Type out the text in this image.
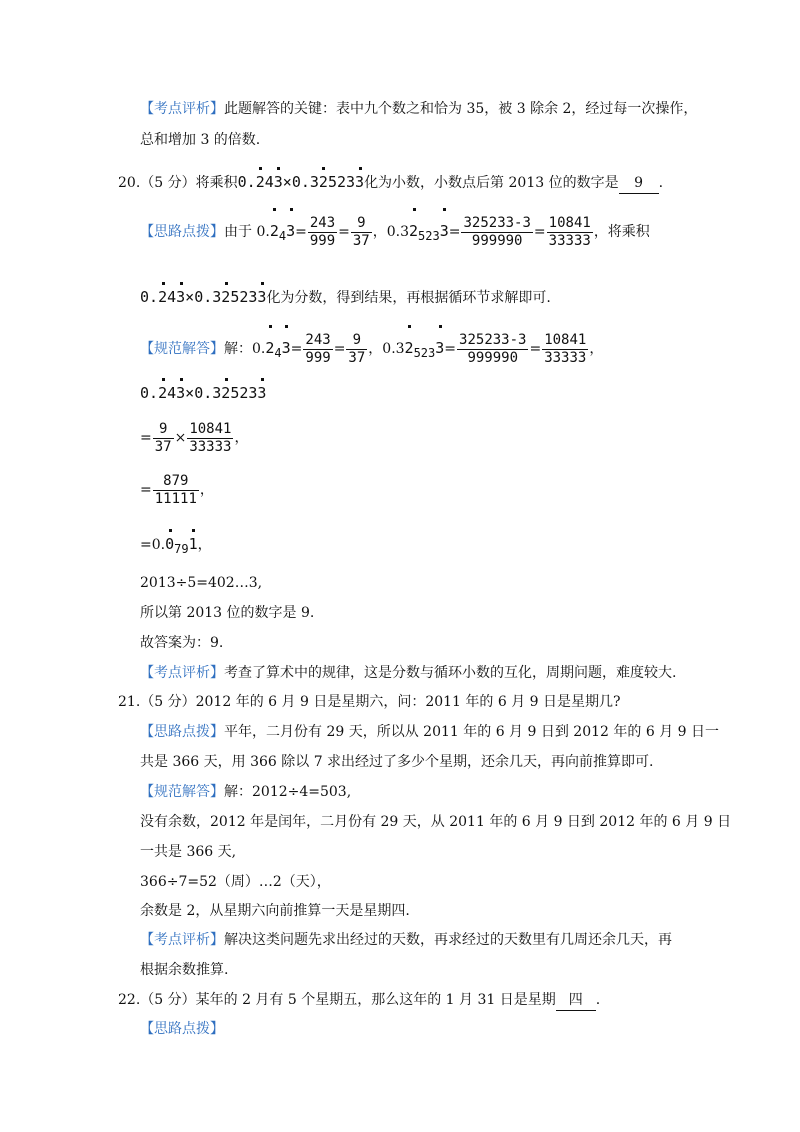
【考点评析】此题解答的关键：表中九个数之和恰为 35，被 3 除余 2，经过每一次操作，
总和增加 3 的倍数.
20.（5 分）将乘积0.243×0.325233化为小数，小数点后第 2013 位的数字是 9 .
【思路点拨】由于 $0.2_43= \frac{243}{999} = \frac{9}{37}$ ，$0.32_{523}3= \frac{325233-3}{999990} = \frac{10841}{33333}$ ，将乘积
0.243×0.325233化为分数，得到结果，再根据循环节求解即可.
【规范解答】解：$0.2_43= \frac{243}{999} = \frac{9}{37}$ ，$0.32_{523}3= \frac{325233-3}{999990} = \frac{10841}{33333}$ ，
0.243×0.325233
= $\frac{9}{37} \times \frac{10841}{33333}$ ，
= $\frac{879}{11111}$ ，
$=0.0_{79}1$，
2013÷5=402…3,
所以第 2013 位的数字是 9.
故答案为：9.
【考点评析】考查了算术中的规律，这是分数与循环小数的互化，周期问题，难度较大.
21.（5 分）2012 年的 6 月 9 日是星期六，问：2011 年的 6 月 9 日是星期几?
【思路点拨】平年，二月份有 29 天，所以从 2011 年的 6 月 9 日到 2012 年的 6 月 9 日一
共是 366 天，用 366 除以 7 求出经过了多少个星期，还余几天，再向前推算即可.
【规范解答】解：2012÷4=503,
没有余数，2012 年是闰年，二月份有 29 天，从 2011 年的 6 月 9 日到 2012 年的 6 月 9 日
一共是 366 天,
366÷7=52（周）…2（天），
余数是 2，从星期六向前推算一天是星期四.
【考点评析】解决这类问题先求出经过的天数，再求经过的天数里有几周还余几天，再
根据余数推算.
22.（5 分）某年的 2 月有 5 个星期五，那么这年的 1 月 31 日是星期 四 .
【思路点拨】
